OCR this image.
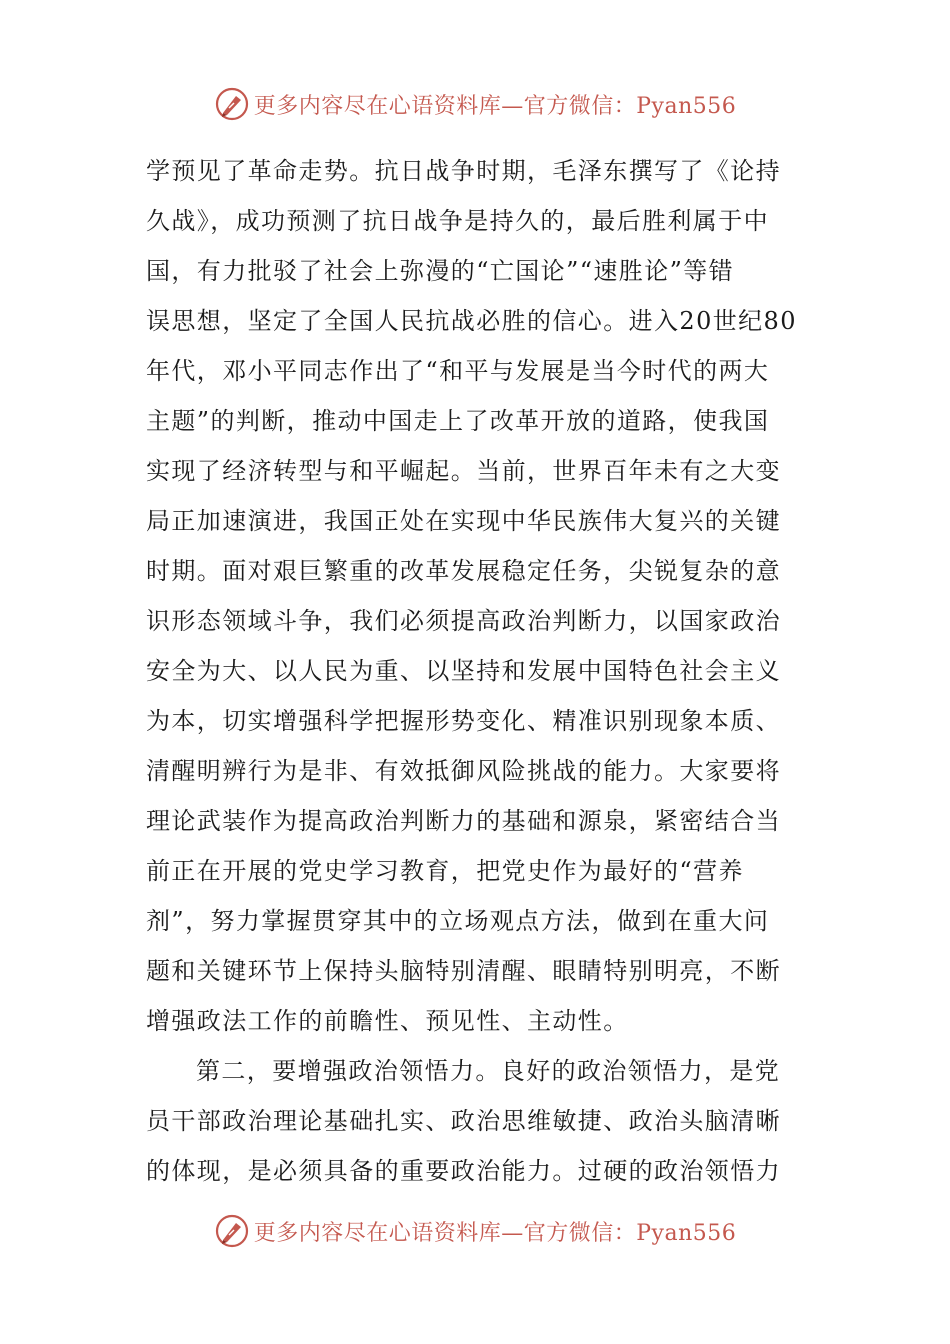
更多内容尽在心语资料库—官方微信：Pyan556
学预见了革命走势。抗日战争时期，毛泽东撰写了《论持
久战》，成功预测了抗日战争是持久的，最后胜利属于中
国，有力批驳了社会上弥漫的“亡国论”“速胜论”等错
误思想，坚定了全国人民抗战必胜的信心。进入20世纪80
年代，邓小平同志作出了“和平与发展是当今时代的两大
主题”的判断，推动中国走上了改革开放的道路，使我国
实现了经济转型与和平崛起。当前，世界百年未有之大变
局正加速演进，我国正处在实现中华民族伟大复兴的关键
时期。面对艰巨繁重的改革发展稳定任务，尖锐复杂的意
识形态领域斗争，我们必须提高政治判断力，以国家政治
安全为大、以人民为重、以坚持和发展中国特色社会主义
为本，切实增强科学把握形势变化、精准识别现象本质、
清醒明辨行为是非、有效抵御风险挑战的能力。大家要将
理论武装作为提高政治判断力的基础和源泉，紧密结合当
前正在开展的党史学习教育，把党史作为最好的“营养
剂”，努力掌握贯穿其中的立场观点方法，做到在重大问
题和关键环节上保持头脑特别清醒、眼睛特别明亮，不断
增强政法工作的前瞻性、预见性、主动性。
第二，要增强政治领悟力。良好的政治领悟力，是党
员干部政治理论基础扎实、政治思维敏捷、政治头脑清晰
的体现，是必须具备的重要政治能力。过硬的政治领悟力
更多内容尽在心语资料库—官方微信：Pyan556
